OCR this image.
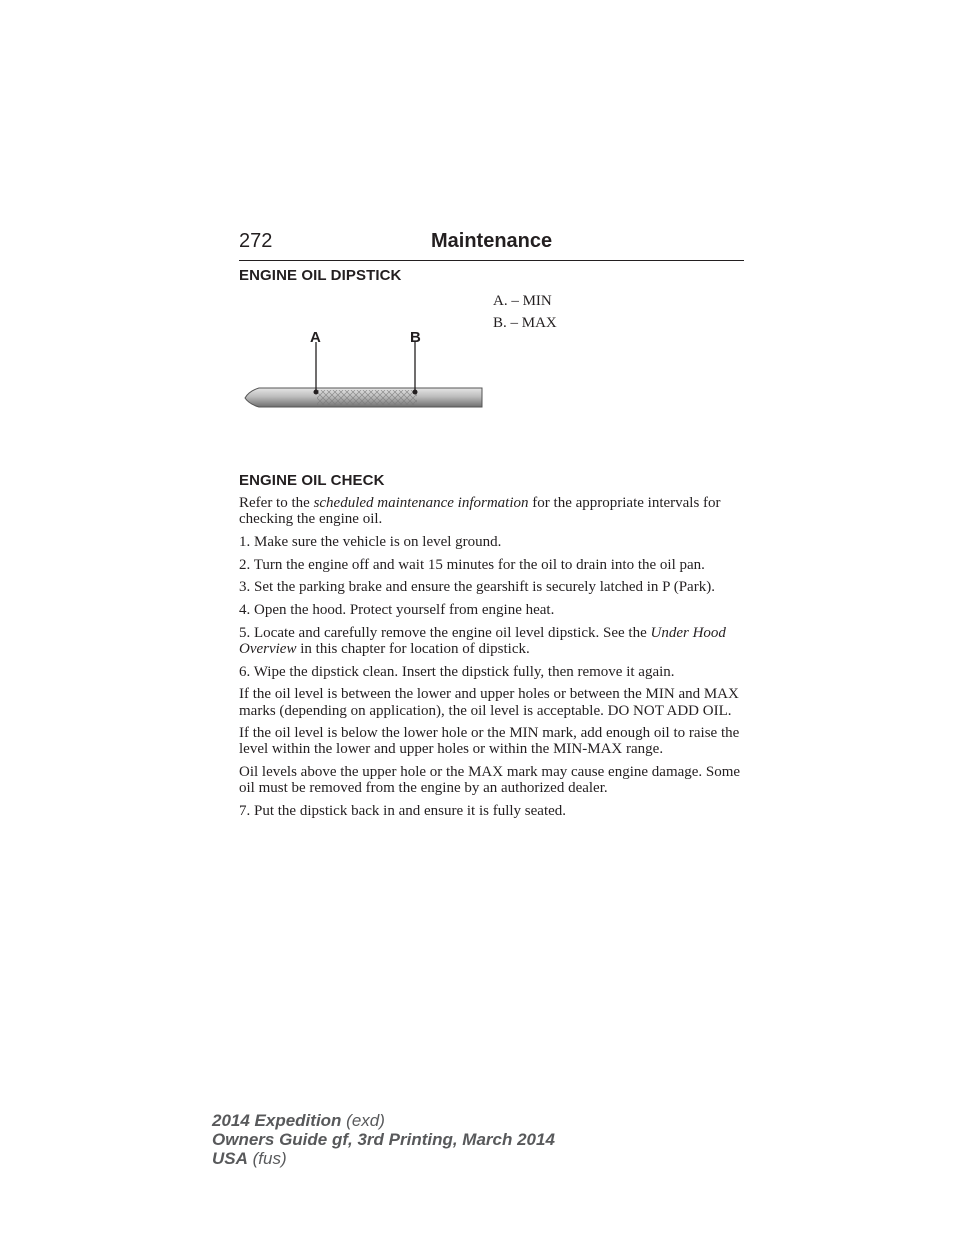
272	Maintenance
ENGINE OIL DIPSTICK
A. – MIN
B. – MAX
A	B
ENGINE OIL CHECK

Refer to the scheduled maintenance information for the appropriate intervals for checking the engine oil.

1. Make sure the vehicle is on level ground.

2. Turn the engine off and wait 15 minutes for the oil to drain into the oil pan.

3. Set the parking brake and ensure the gearshift is securely latched in P (Park).

4. Open the hood. Protect yourself from engine heat.

5. Locate and carefully remove the engine oil level dipstick. See the Under Hood Overview in this chapter for location of dipstick.

6. Wipe the dipstick clean. Insert the dipstick fully, then remove it again.

If the oil level is between the lower and upper holes or between the MIN and MAX marks (depending on application), the oil level is acceptable. DO NOT ADD OIL.

If the oil level is below the lower hole or the MIN mark, add enough oil to raise the level within the lower and upper holes or within the MIN-MAX range.

Oil levels above the upper hole or the MAX mark may cause engine damage. Some oil must be removed from the engine by an authorized dealer.

7. Put the dipstick back in and ensure it is fully seated.

2014 Expedition (exd)
Owners Guide gf, 3rd Printing, March 2014
USA (fus)
